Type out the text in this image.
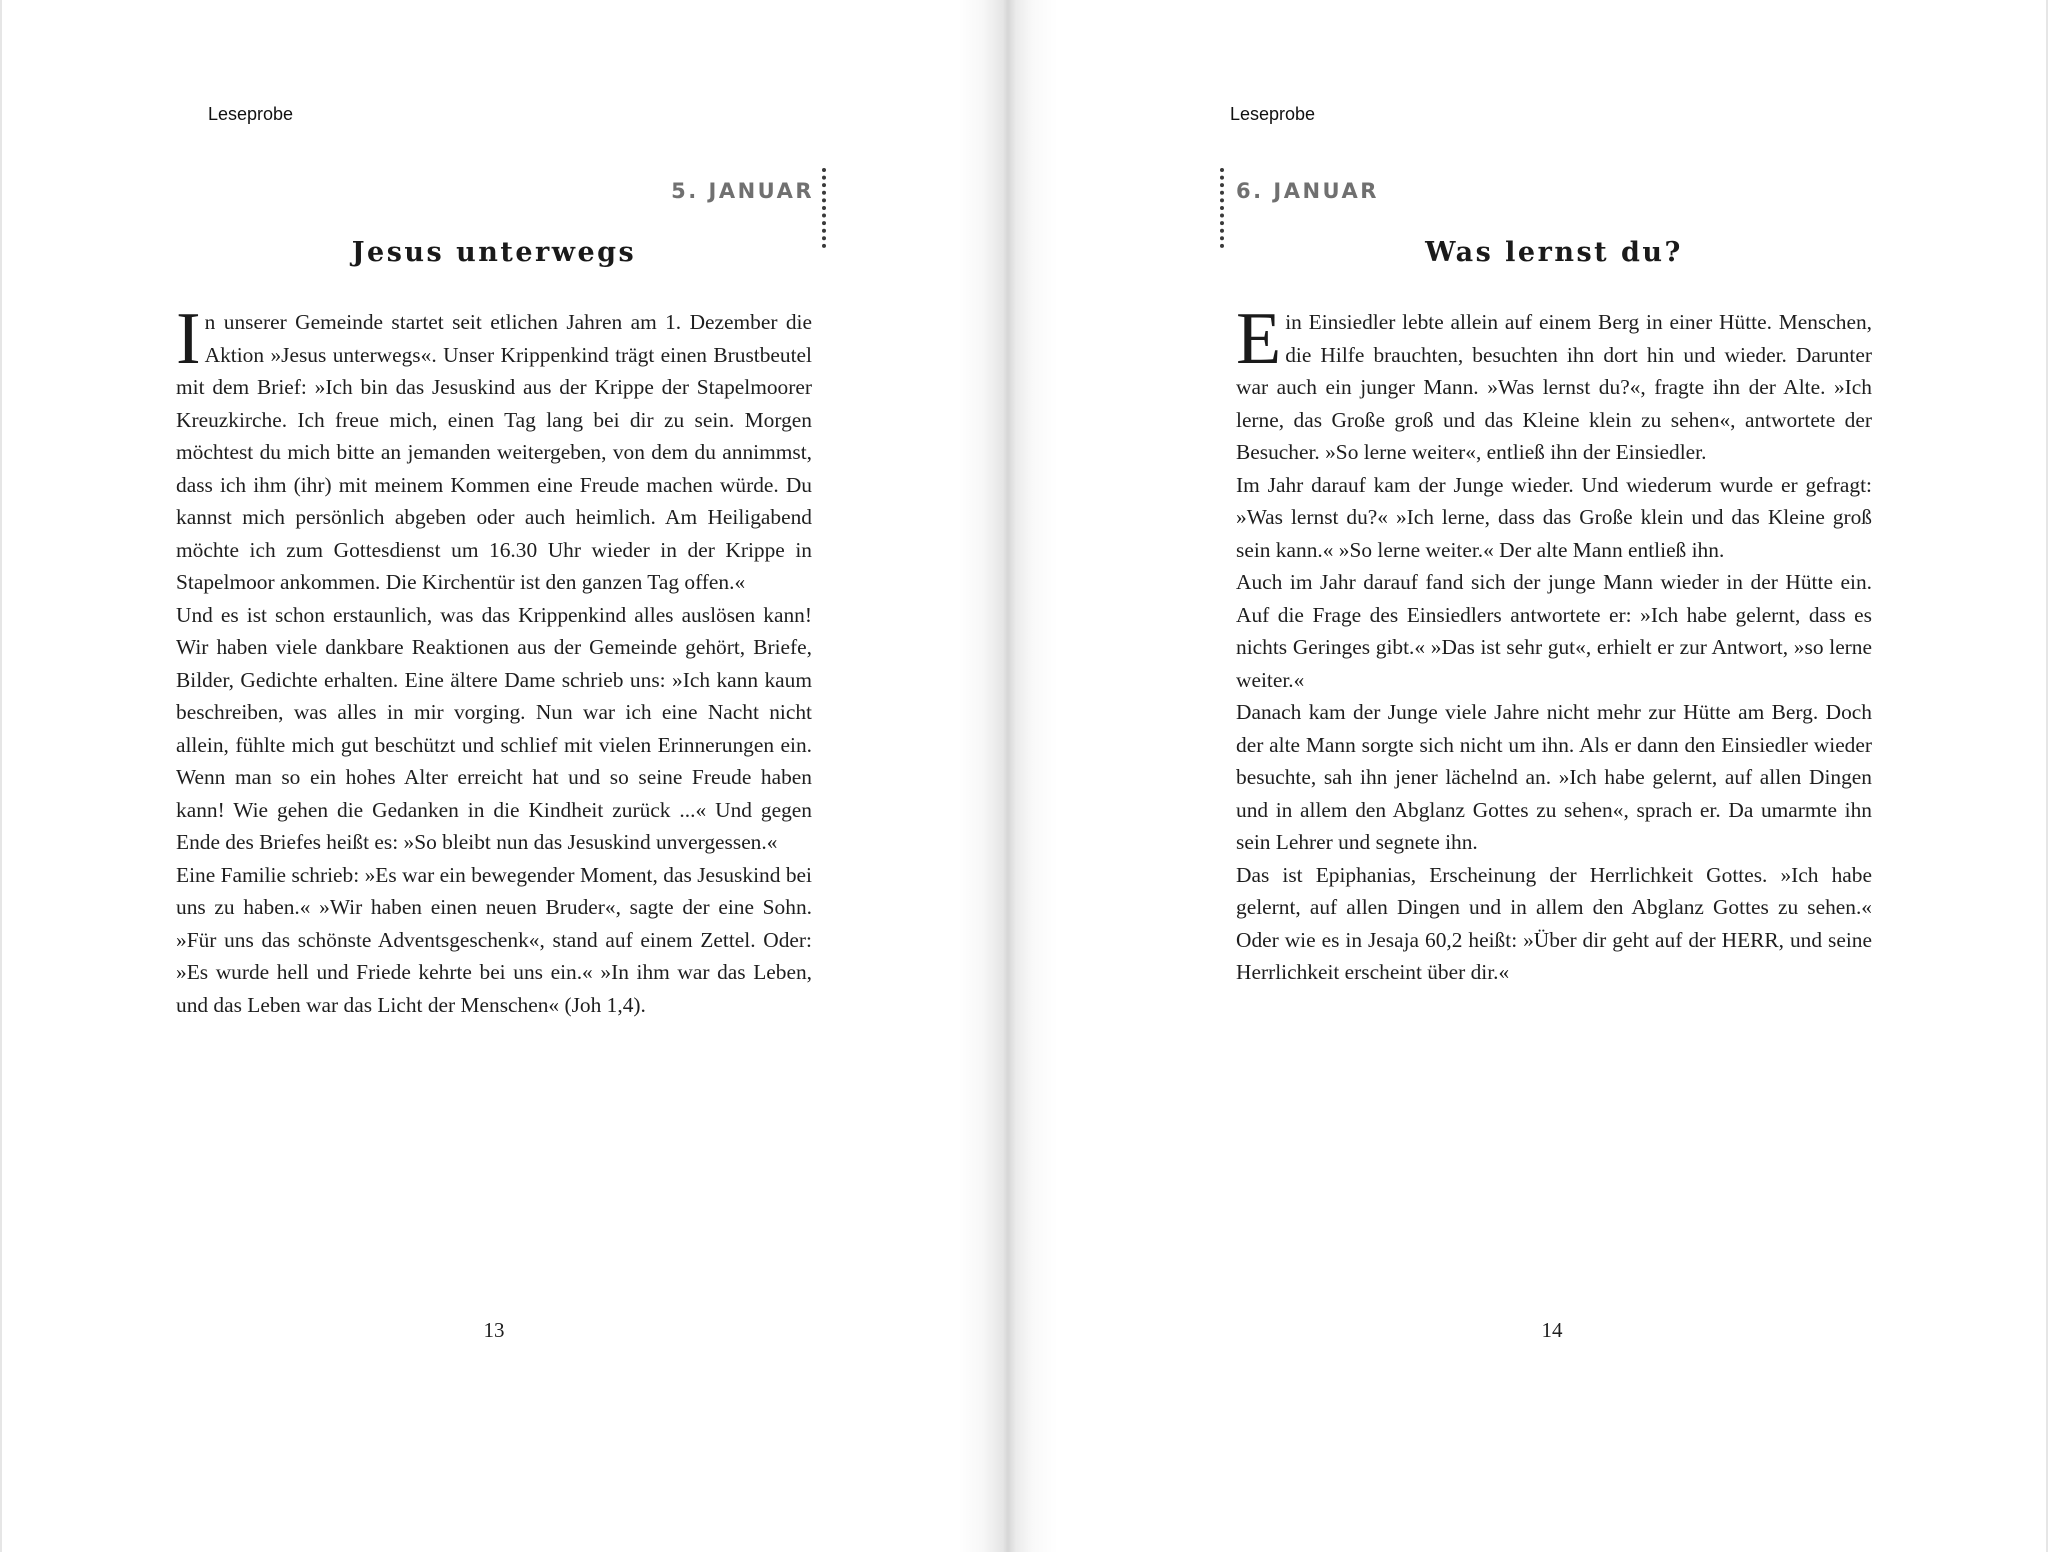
Leseprobe
5. JANUAR
Jesus unterwegs

In unserer Gemeinde startet seit etlichen Jahren am 1. Dezember die Aktion »Jesus unterwegs«. Unser Krippenkind trägt einen Brustbeutel mit dem Brief: »Ich bin das Jesuskind aus der Krippe der Stapelmoorer Kreuzkirche. Ich freue mich, einen Tag lang bei dir zu sein. Morgen möchtest du mich bitte an jemanden weitergeben, von dem du annimmst, dass ich ihm (ihr) mit meinem Kommen eine Freude machen würde. Du kannst mich persönlich abgeben oder auch heimlich. Am Heiligabend möchte ich zum Gottesdienst um 16.30 Uhr wieder in der Krippe in Stapelmoor ankommen. Die Kirchentür ist den ganzen Tag offen.«

Und es ist schon erstaunlich, was das Krippenkind alles auslösen kann! Wir haben viele dankbare Reaktionen aus der Gemeinde gehört, Briefe, Bilder, Gedichte erhalten. Eine ältere Dame schrieb uns: »Ich kann kaum beschreiben, was alles in mir vorging. Nun war ich eine Nacht nicht allein, fühlte mich gut beschützt und schlief mit vielen Erinnerungen ein. Wenn man so ein hohes Alter erreicht hat und so seine Freude haben kann! Wie gehen die Gedanken in die Kindheit zurück ...« Und gegen Ende des Briefes heißt es: »So bleibt nun das Jesuskind unvergessen.«

Eine Familie schrieb: »Es war ein bewegender Moment, das Jesuskind bei uns zu haben.« »Wir haben einen neuen Bruder«, sagte der eine Sohn. »Für uns das schönste Adventsgeschenk«, stand auf einem Zettel. Oder: »Es wurde hell und Friede kehrte bei uns ein.« »In ihm war das Leben, und das Leben war das Licht der Menschen« (Joh 1,4).

13
Leseprobe
6. JANUAR
Was lernst du?

Ein Einsiedler lebte allein auf einem Berg in einer Hütte. Menschen, die Hilfe brauchten, besuchten ihn dort hin und wieder. Darunter war auch ein junger Mann. »Was lernst du?«, fragte ihn der Alte. »Ich lerne, das Große groß und das Kleine klein zu sehen«, antwortete der Besucher. »So lerne weiter«, entließ ihn der Einsiedler.

Im Jahr darauf kam der Junge wieder. Und wiederum wurde er gefragt: »Was lernst du?« »Ich lerne, dass das Große klein und das Kleine groß sein kann.« »So lerne weiter.« Der alte Mann entließ ihn.

Auch im Jahr darauf fand sich der junge Mann wieder in der Hütte ein. Auf die Frage des Einsiedlers antwortete er: »Ich habe gelernt, dass es nichts Geringes gibt.« »Das ist sehr gut«, erhielt er zur Antwort, »so lerne weiter.«

Danach kam der Junge viele Jahre nicht mehr zur Hütte am Berg. Doch der alte Mann sorgte sich nicht um ihn. Als er dann den Einsiedler wieder besuchte, sah ihn jener lächelnd an. »Ich habe gelernt, auf allen Dingen und in allem den Abglanz Gottes zu sehen«, sprach er. Da umarmte ihn sein Lehrer und segnete ihn.

Das ist Epiphanias, Erscheinung der Herrlichkeit Gottes. »Ich habe gelernt, auf allen Dingen und in allem den Abglanz Gottes zu sehen.« Oder wie es in Jesaja 60,2 heißt: »Über dir geht auf der HERR, und seine Herrlichkeit erscheint über dir.«

14
